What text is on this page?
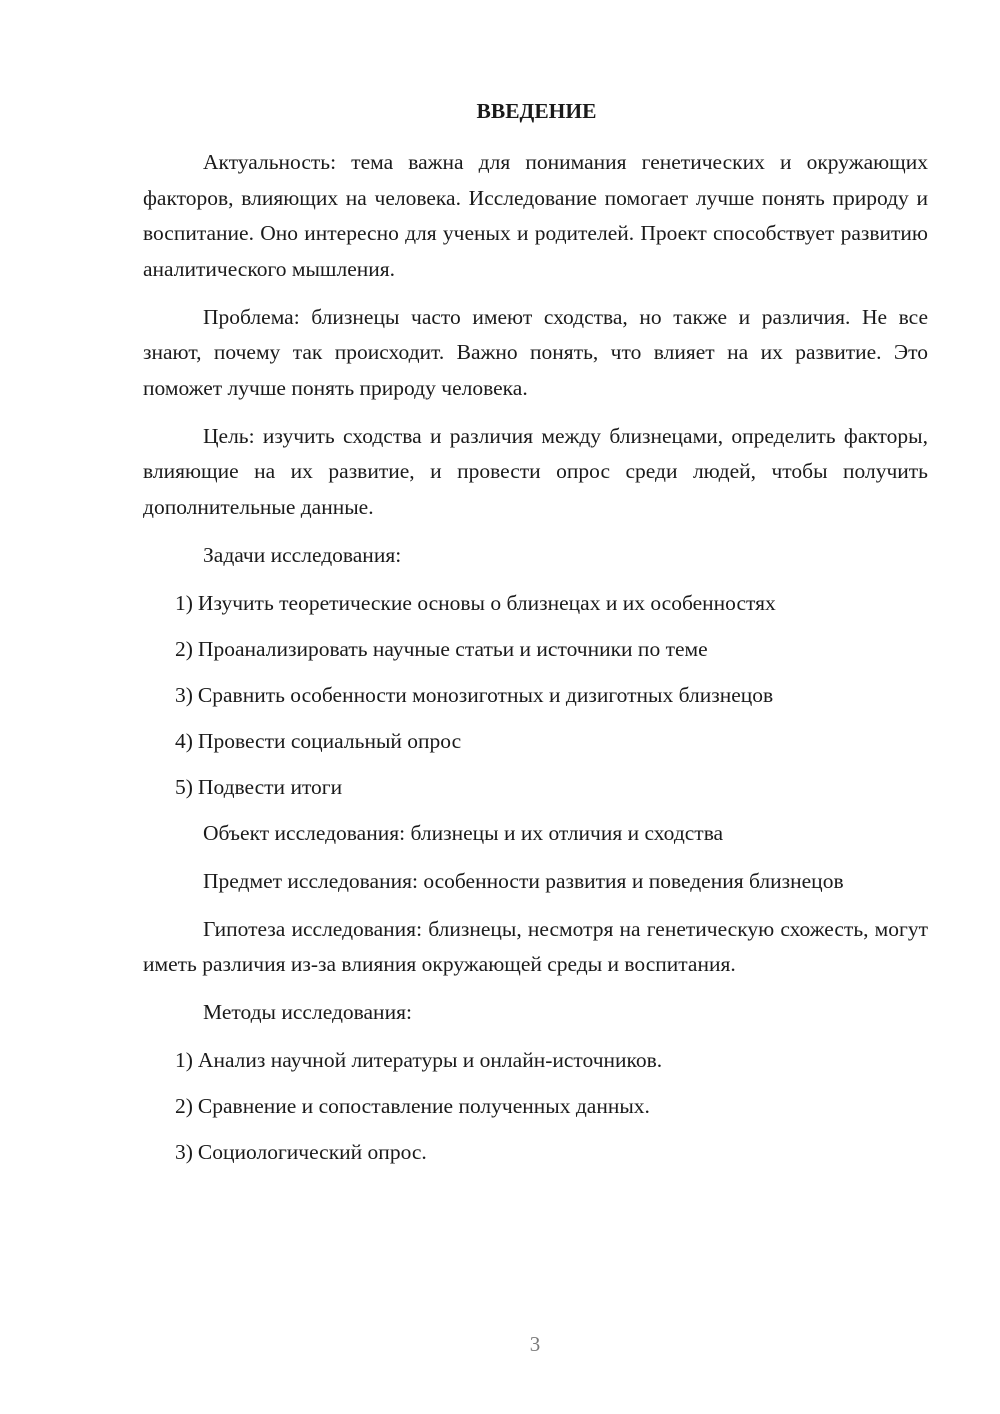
ВВЕДЕНИЕ

Актуальность: тема важна для понимания генетических и окружающих факторов, влияющих на человека. Исследование помогает лучше понять природу и воспитание. Оно интересно для ученых и родителей. Проект способствует развитию аналитического мышления.

Проблема: близнецы часто имеют сходства, но также и различия. Не все знают, почему так происходит. Важно понять, что влияет на их развитие. Это поможет лучше понять природу человека.

Цель: изучить сходства и различия между близнецами, определить факторы, влияющие на их развитие, и провести опрос среди людей, чтобы получить дополнительные данные.

Задачи исследования:

1) Изучить теоретические основы о близнецах и их особенностях
2) Проанализировать научные статьи и источники по теме
3) Сравнить особенности монозиготных и дизиготных близнецов
4) Провести социальный опрос
5) Подвести итоги

Объект исследования: близнецы и их отличия и сходства

Предмет исследования: особенности развития и поведения близнецов

Гипотеза исследования: близнецы, несмотря на генетическую схожесть, могут иметь различия из-за влияния окружающей среды и воспитания.

Методы исследования:

1) Анализ научной литературы и онлайн-источников.
2) Сравнение и сопоставление полученных данных.
3) Социологический опрос.
3
